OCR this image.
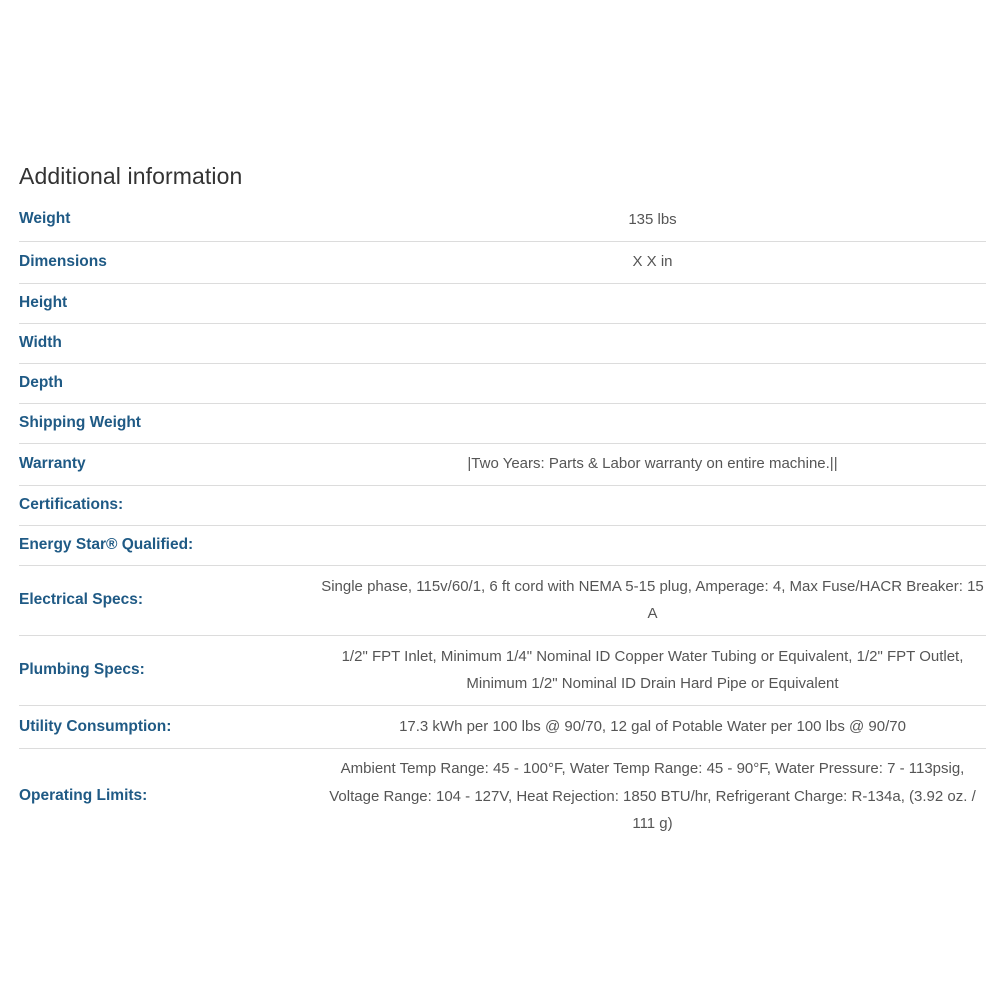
Additional information
Weight	135 lbs
Dimensions	X X in
Height	
Width	
Depth	
Shipping Weight	
Warranty	|Two Years: Parts & Labor warranty on entire machine.||
Certifications:	
Energy Star® Qualified:	
Electrical Specs:	Single phase, 115v/60/1, 6 ft cord with NEMA 5-15 plug, Amperage: 4, Max Fuse/HACR Breaker: 15 A
Plumbing Specs:	1/2" FPT Inlet, Minimum 1/4" Nominal ID Copper Water Tubing or Equivalent, 1/2" FPT Outlet, Minimum 1/2" Nominal ID Drain Hard Pipe or Equivalent
Utility Consumption:	17.3 kWh per 100 lbs @ 90/70, 12 gal of Potable Water per 100 lbs @ 90/70
Operating Limits:	Ambient Temp Range: 45 - 100°F, Water Temp Range: 45 - 90°F, Water Pressure: 7 - 113psig, Voltage Range: 104 - 127V, Heat Rejection: 1850 BTU/hr, Refrigerant Charge: R-134a, (3.92 oz. / 111 g)
